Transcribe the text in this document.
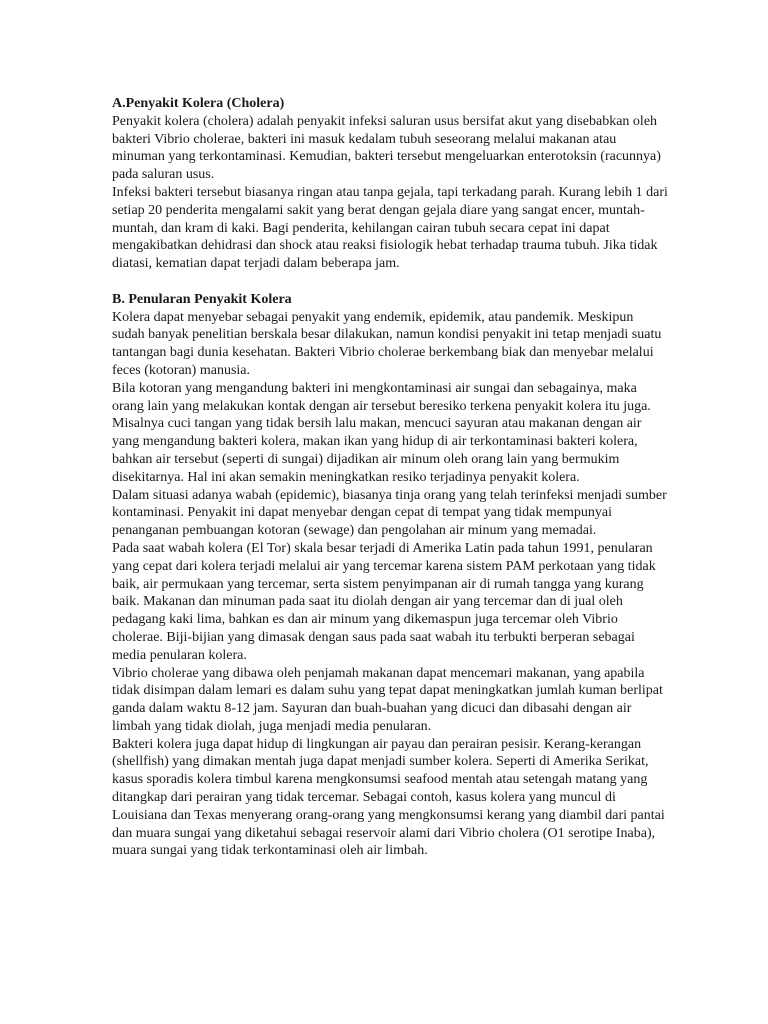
A.Penyakit Kolera (Cholera)

Penyakit kolera (cholera) adalah penyakit infeksi saluran usus bersifat akut yang disebabkan oleh bakteri Vibrio cholerae, bakteri ini masuk kedalam tubuh seseorang melalui makanan atau minuman yang terkontaminasi. Kemudian, bakteri tersebut mengeluarkan enterotoksin (racunnya) pada saluran usus.

Infeksi bakteri tersebut biasanya ringan atau tanpa gejala, tapi terkadang parah. Kurang lebih 1 dari setiap 20 penderita mengalami sakit yang berat dengan gejala diare yang sangat encer, muntah-muntah, dan kram di kaki. Bagi penderita, kehilangan cairan tubuh secara cepat ini dapat mengakibatkan dehidrasi dan shock atau reaksi fisiologik hebat terhadap trauma tubuh. Jika tidak diatasi, kematian dapat terjadi dalam beberapa jam.

B. Penularan Penyakit Kolera

Kolera dapat menyebar sebagai penyakit yang endemik, epidemik, atau pandemik. Meskipun sudah banyak penelitian berskala besar dilakukan, namun kondisi penyakit ini tetap menjadi suatu tantangan bagi dunia kesehatan. Bakteri Vibrio cholerae berkembang biak dan menyebar melalui feces (kotoran) manusia.

Bila kotoran yang mengandung bakteri ini mengkontaminasi air sungai dan sebagainya, maka orang lain yang melakukan kontak dengan air tersebut beresiko terkena penyakit kolera itu juga. Misalnya cuci tangan yang tidak bersih lalu makan, mencuci sayuran atau makanan dengan air yang mengandung bakteri kolera, makan ikan yang hidup di air terkontaminasi bakteri kolera, bahkan air tersebut (seperti di sungai) dijadikan air minum oleh orang lain yang bermukim disekitarnya. Hal ini akan semakin meningkatkan resiko terjadinya penyakit kolera.

Dalam situasi adanya wabah (epidemic), biasanya tinja orang yang telah terinfeksi menjadi sumber kontaminasi. Penyakit ini dapat menyebar dengan cepat di tempat yang tidak mempunyai penanganan pembuangan kotoran (sewage) dan pengolahan air minum yang memadai.

Pada saat wabah kolera (El Tor) skala besar terjadi di Amerika Latin pada tahun 1991, penularan yang cepat dari kolera terjadi melalui air yang tercemar karena sistem PAM perkotaan yang tidak baik, air permukaan yang tercemar, serta sistem penyimpanan air di rumah tangga yang kurang baik. Makanan dan minuman pada saat itu diolah dengan air yang tercemar dan di jual oleh pedagang kaki lima, bahkan es dan air minum yang dikemaspun juga tercemar oleh Vibrio cholerae. Biji-bijian yang dimasak dengan saus pada saat wabah itu terbukti berperan sebagai media penularan kolera.

Vibrio cholerae yang dibawa oleh penjamah makanan dapat mencemari makanan, yang apabila tidak disimpan dalam lemari es dalam suhu yang tepat dapat meningkatkan jumlah kuman berlipat ganda dalam waktu 8-12 jam. Sayuran dan buah-buahan yang dicuci dan dibasahi dengan air limbah yang tidak diolah, juga menjadi media penularan.

Bakteri kolera juga dapat hidup di lingkungan air payau dan perairan pesisir. Kerang-kerangan (shellfish) yang dimakan mentah juga dapat menjadi sumber kolera. Seperti di Amerika Serikat, kasus sporadis kolera timbul karena mengkonsumsi seafood mentah atau setengah matang yang ditangkap dari perairan yang tidak tercemar. Sebagai contoh, kasus kolera yang muncul di Louisiana dan Texas menyerang orang-orang yang mengkonsumsi kerang yang diambil dari pantai dan muara sungai yang diketahui sebagai reservoir alami dari Vibrio cholera (O1 serotipe Inaba), muara sungai yang tidak terkontaminasi oleh air limbah.
